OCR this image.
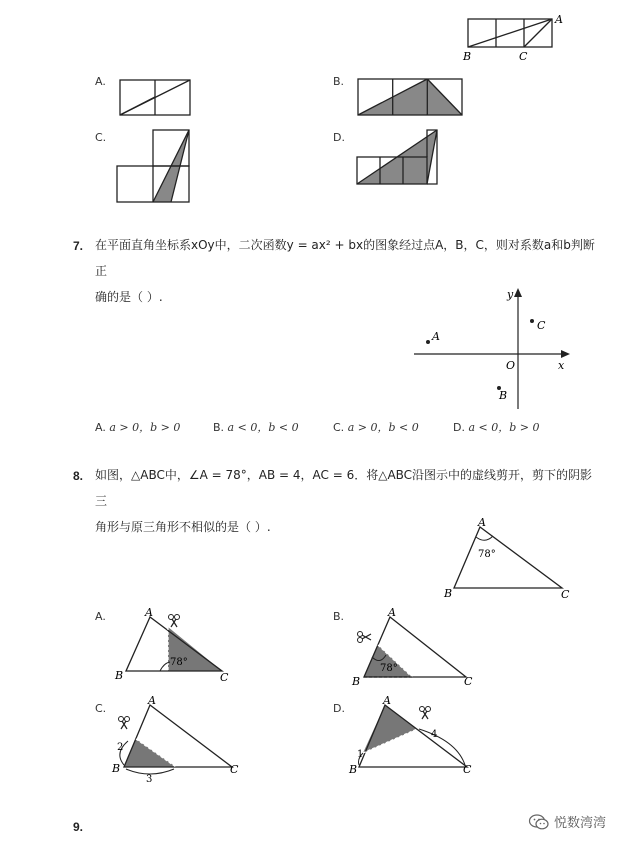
A
B	C
A.	B.
C.	D.
7. 在平面直角坐标系xOy中，二次函数y = ax² + bx的图象经过点A，B，C，则对系数a和b判断正
确的是（ ）.	y
x
O
A
B
C
A. a > 0，b > 0	B. a < 0，b < 0	C. a > 0，b < 0	D. a < 0，b > 0
8. 如图，△ABC中，∠A = 78°，AB = 4，AC = 6．将△ABC沿图示中的虚线剪开，剪下的阴影三
角形与原三角形不相似的是（ ）.	A
B	C
78°
A.	A
B	C
78°
B.	A
B	C
78°
C.
A
B	C
2
3
D.
A
B	C
1
4
9.	悦数湾湾
